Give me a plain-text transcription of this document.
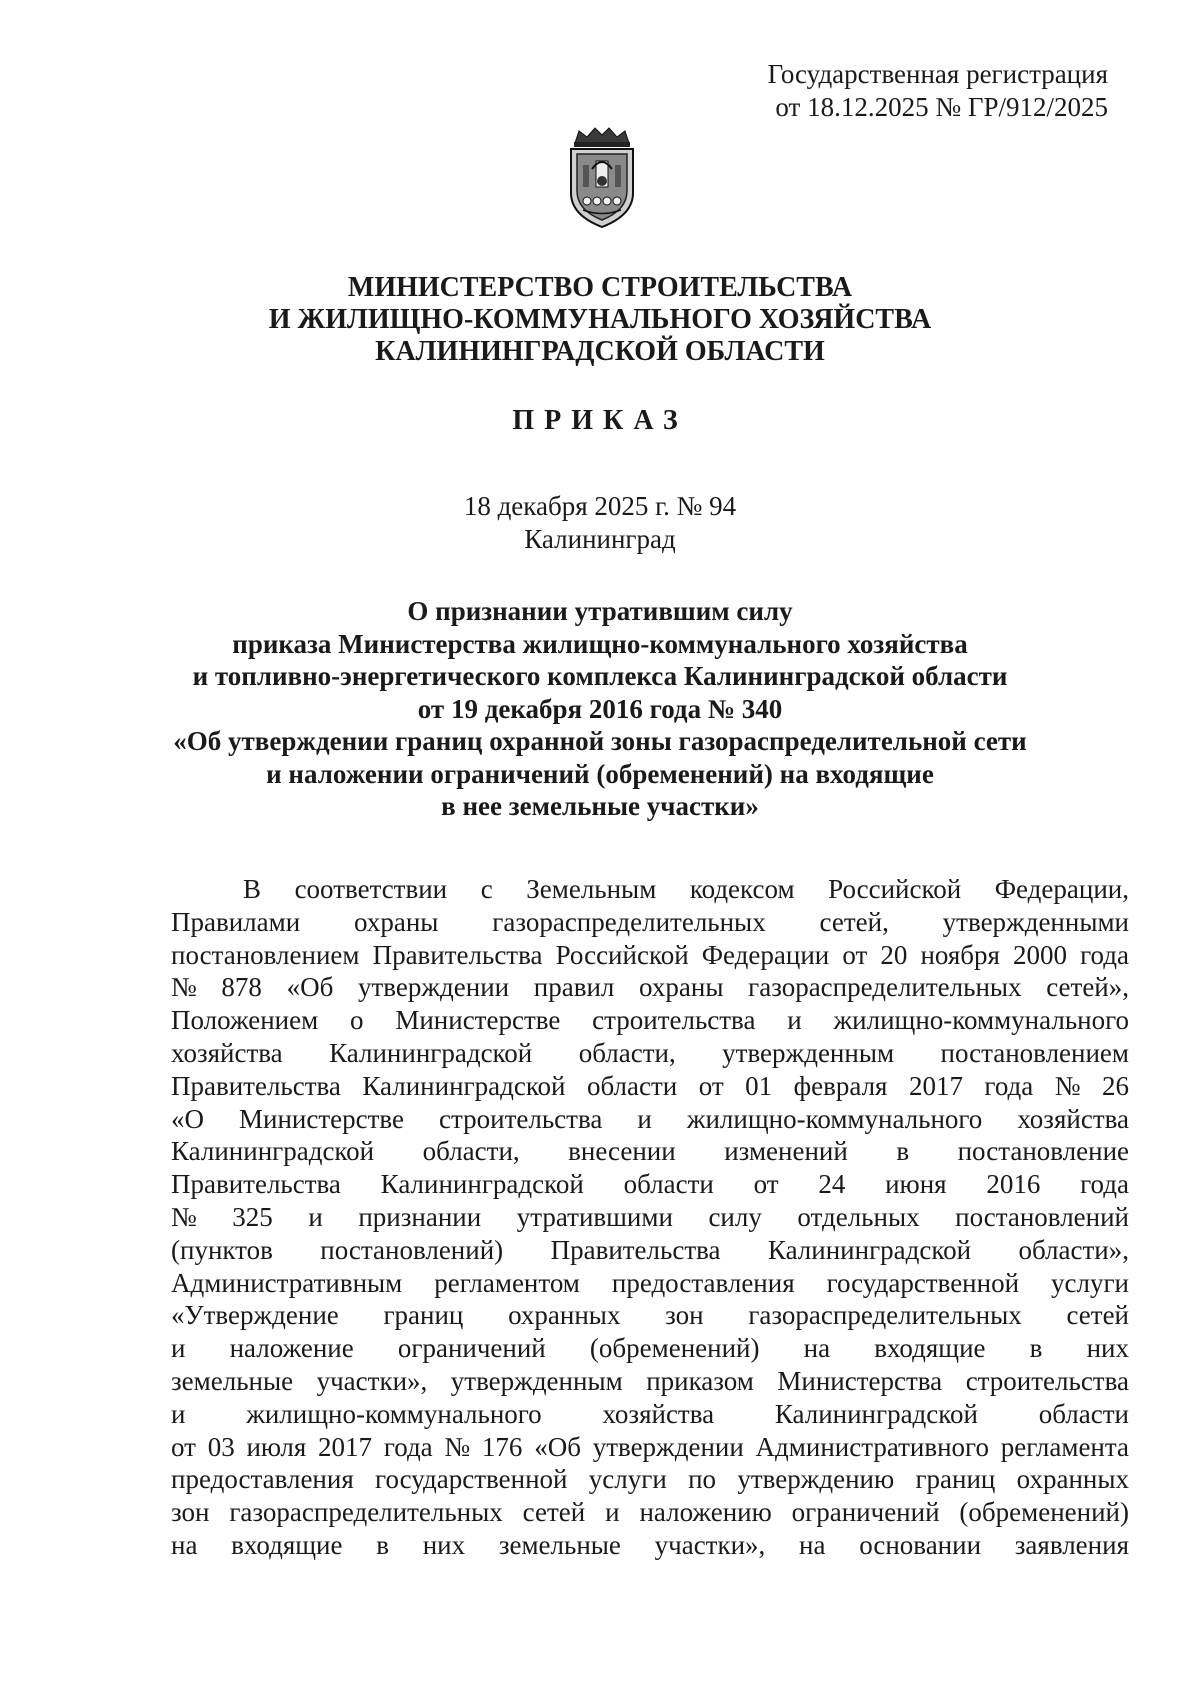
Государственная регистрация
от 18.12.2025 № ГР/912/2025
МИНИСТЕРСТВО СТРОИТЕЛЬСТВА
И ЖИЛИЩНО-КОММУНАЛЬНОГО ХОЗЯЙСТВА
КАЛИНИНГРАДСКОЙ ОБЛАСТИ
ПРИКАЗ
18 декабря 2025 г. № 94
Калининград
О признании утратившим силу
приказа Министерства жилищно-коммунального хозяйства
и топливно-энергетического комплекса Калининградской области
от 19 декабря 2016 года № 340
«Об утверждении границ охранной зоны газораспределительной сети
и наложении ограничений (обременений) на входящие
в нее земельные участки»
В соответствии с Земельным кодексом Российской Федерации,
Правилами охраны газораспределительных сетей, утвержденными
постановлением Правительства Российской Федерации от 20 ноября 2000 года
№ 878 «Об утверждении правил охраны газораспределительных сетей»,
Положением о Министерстве строительства и жилищно-коммунального
хозяйства Калининградской области, утвержденным постановлением
Правительства Калининградской области от 01 февраля 2017 года № 26
«О Министерстве строительства и жилищно-коммунального хозяйства
Калининградской области, внесении изменений в постановление
Правительства Калининградской области от 24 июня 2016 года
№ 325 и признании утратившими силу отдельных постановлений
(пунктов постановлений) Правительства Калининградской области»,
Административным регламентом предоставления государственной услуги
«Утверждение границ охранных зон газораспределительных сетей
и наложение ограничений (обременений) на входящие в них
земельные участки», утвержденным приказом Министерства строительства
и жилищно-коммунального хозяйства Калининградской области
от 03 июля 2017 года № 176 «Об утверждении Административного регламента
предоставления государственной услуги по утверждению границ охранных
зон газораспределительных сетей и наложению ограничений (обременений)
на входящие в них земельные участки», на основании заявления
